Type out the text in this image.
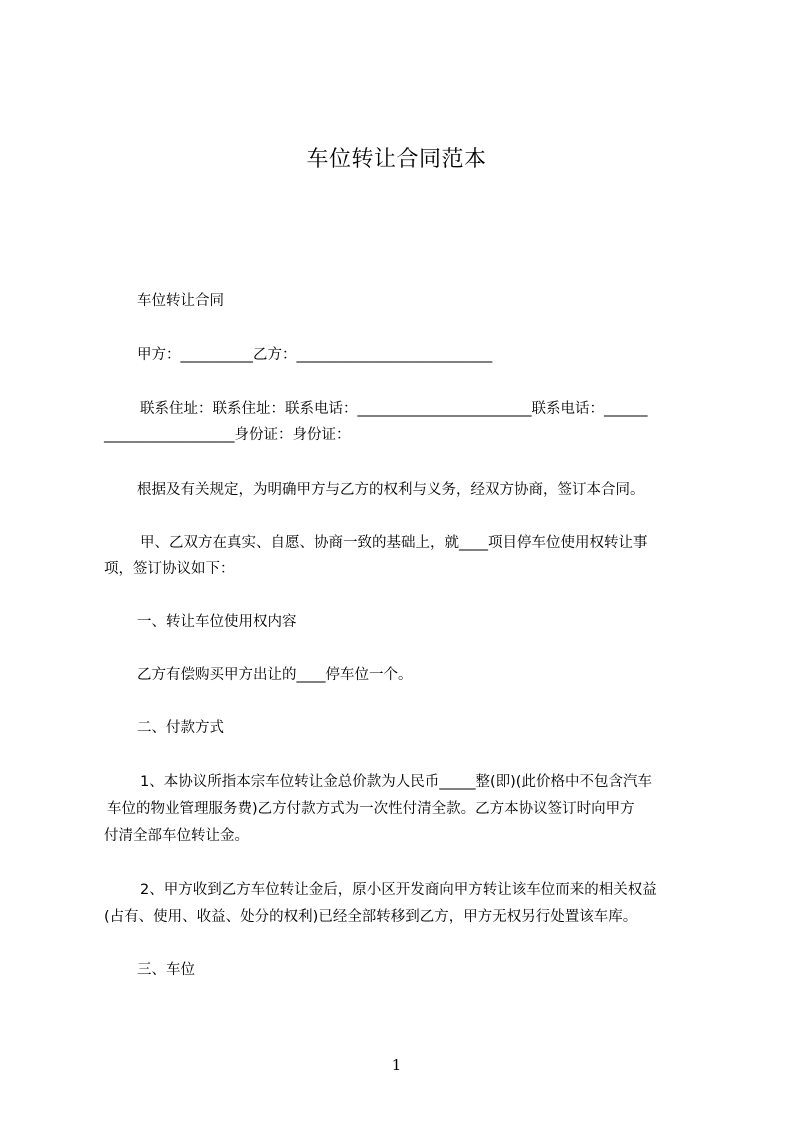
车位转让合同范本
车位转让合同
甲方：__________乙方：___________________________
联系住址：联系住址：联系电话：________________________联系电话：______
__________________身份证：身份证：
根据及有关规定，为明确甲方与乙方的权利与义务，经双方协商，签订本合同。
甲、乙双方在真实、自愿、协商一致的基础上，就____项目停车位使用权转让事
项，签订协议如下：
一、转让车位使用权内容
乙方有偿购买甲方出让的____停车位一个。
二、付款方式
1、本协议所指本宗车位转让金总价款为人民币_____整(即)(此价格中不包含汽车
车位的物业管理服务费)乙方付款方式为一次性付清全款。乙方本协议签订时向甲方
付清全部车位转让金。
2、甲方收到乙方车位转让金后，原小区开发商向甲方转让该车位而来的相关权益
(占有、使用、收益、处分的权利)已经全部转移到乙方，甲方无权另行处置该车库。
三、车位
1
